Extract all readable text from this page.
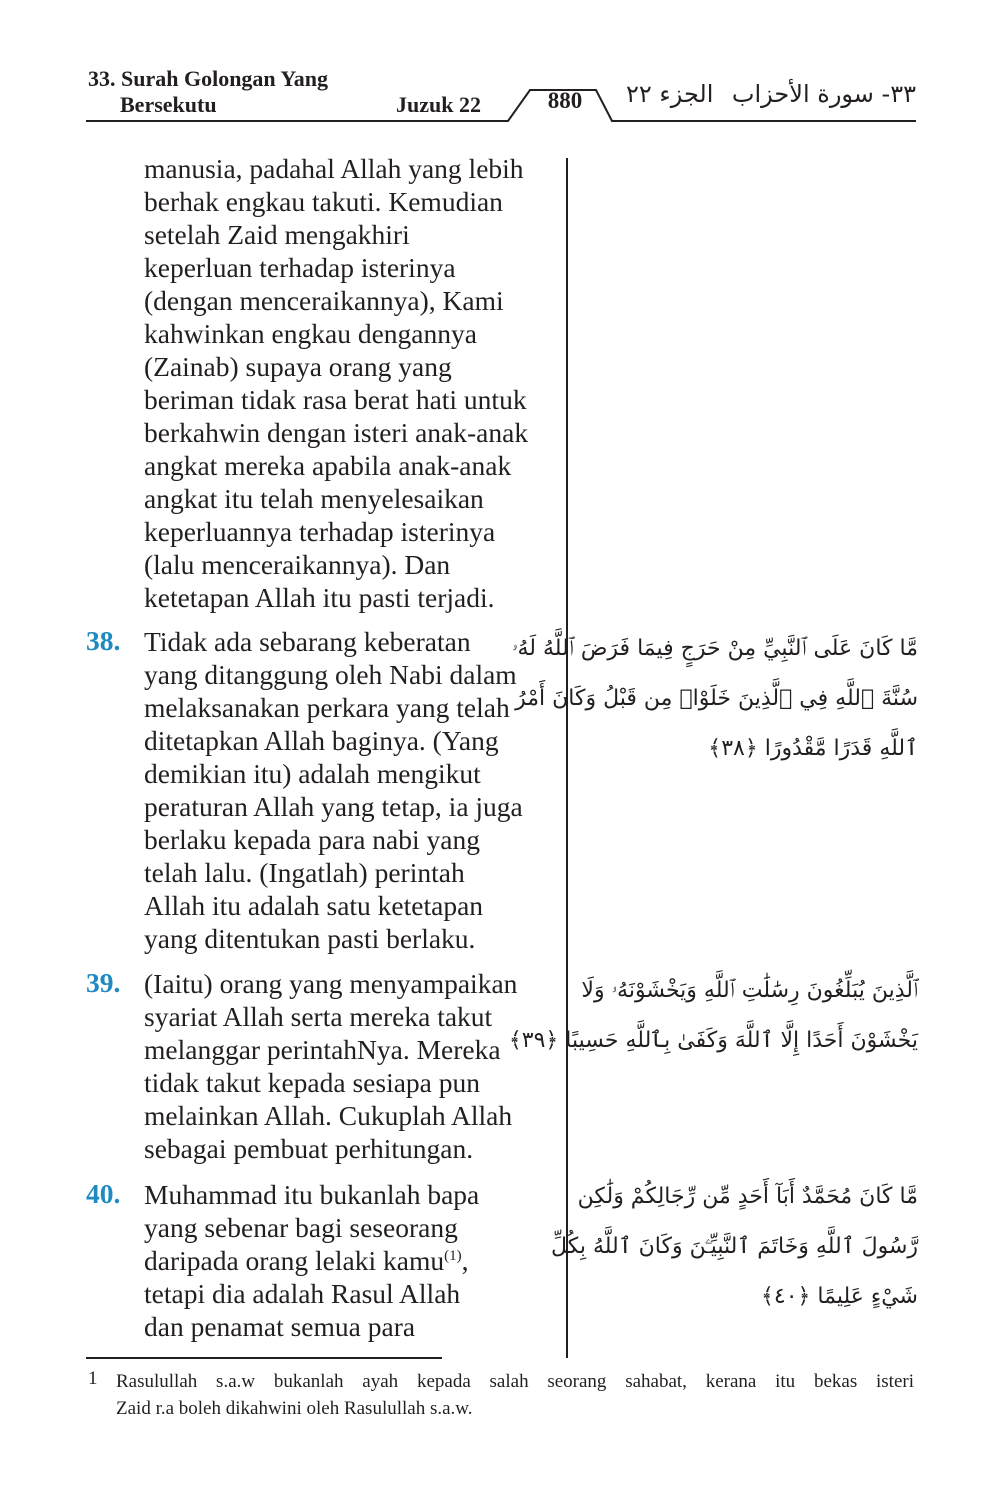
33. Surah Golongan Yang
Bersekutu	Juzuk 22	880	الجزء ٢٢ ٣٣- سورة الأحزاب
manusia, padahal Allah yang lebih
berhak engkau takuti. Kemudian
setelah Zaid mengakhiri
keperluan terhadap isterinya
(dengan menceraikannya), Kami
kahwinkan engkau dengannya
(Zainab) supaya orang yang
beriman tidak rasa berat hati untuk
berkahwin dengan isteri anak-anak
angkat mereka apabila anak-anak
angkat itu telah menyelesaikan
keperluannya terhadap isterinya
(lalu menceraikannya). Dan
ketetapan Allah itu pasti terjadi.
38. Tidak ada sebarang keberatan
yang ditanggung oleh Nabi dalam
melaksanakan perkara yang telah
ditetapkan Allah baginya. (Yang
demikian itu) adalah mengikut
peraturan Allah yang tetap, ia juga
berlaku kepada para nabi yang
telah lalu. (Ingatlah) perintah
Allah itu adalah satu ketetapan
yang ditentukan pasti berlaku.
مَّا كَانَ عَلَى ٱلنَّبِيِّ مِنْ حَرَجٍ فِيمَا فَرَضَ ٱللَّهُ لَهُۥ
سُنَّةَ ٱللَّهِ فِي ٱلَّذِينَ خَلَوْا۟ مِن قَبْلُ وَكَانَ أَمْرُ
ٱللَّهِ قَدَرًا مَّقْدُورًا ﴿٣٨﴾
39. (Iaitu) orang yang menyampaikan
syariat Allah serta mereka takut
melanggar perintahNya. Mereka
tidak takut kepada sesiapa pun
melainkan Allah. Cukuplah Allah
sebagai pembuat perhitungan.
ٱلَّذِينَ يُبَلِّغُونَ رِسَٰلَٰتِ ٱللَّهِ وَيَخْشَوْنَهُۥ وَلَا
يَخْشَوْنَ أَحَدًا إِلَّا ٱللَّهَ وَكَفَىٰ بِٱللَّهِ حَسِيبًا ﴿٣٩﴾
40. Muhammad itu bukanlah bapa
yang sebenar bagi seseorang
daripada orang lelaki kamu$^{(1)}$,
tetapi dia adalah Rasul Allah
dan penamat semua para
مَّا كَانَ مُحَمَّدٌ أَبَآ أَحَدٍ مِّن رِّجَالِكُمْ وَلَٰكِن
رَّسُولَ ٱللَّهِ وَخَاتَمَ ٱلنَّبِيِّـۧنَ وَكَانَ ٱللَّهُ بِكُلِّ
شَيْءٍ عَلِيمًا ﴿٤٠﴾
1 Rasulullah s.a.w bukanlah ayah kepada salah seorang sahabat, kerana itu bekas isteri
Zaid r.a boleh dikahwini oleh Rasulullah s.a.w.
